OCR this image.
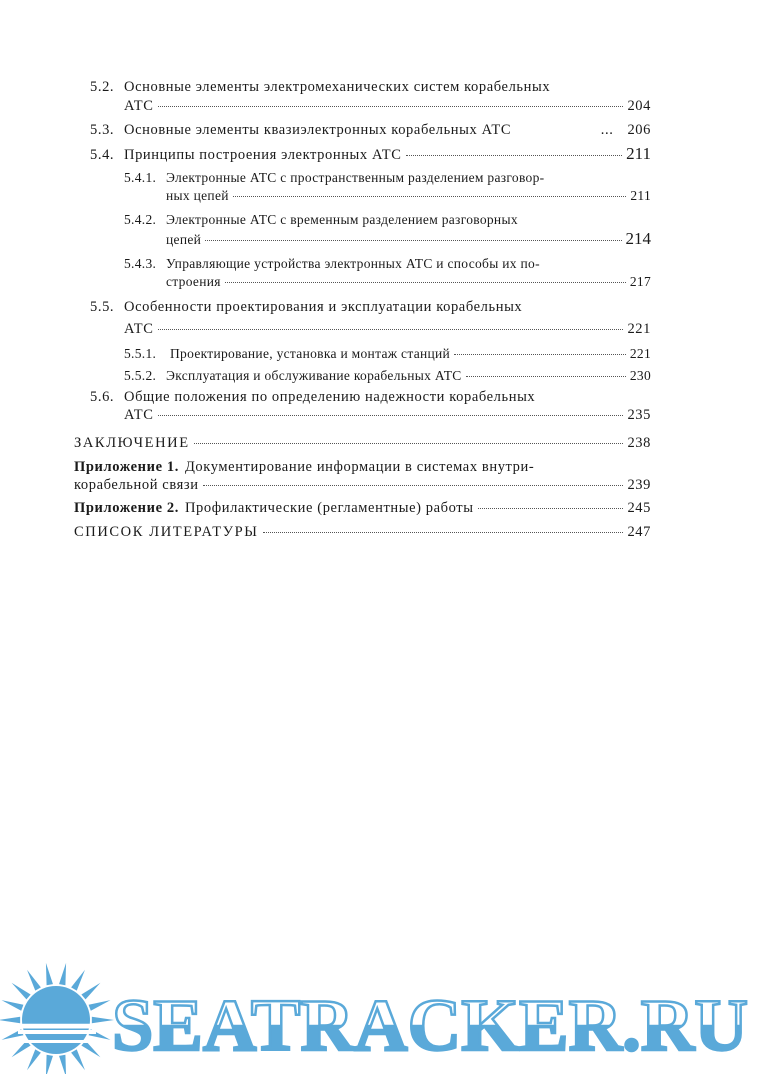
5.2. Основные элементы электромеханических систем корабельных
АТС	204
5.3. Основные элементы квазиэлектронных корабельных АТС	... 206
5.4. Принципы построения электронных АТС	211
5.4.1. Электронные АТС с пространственным разделением разговор-
ных цепей	211
5.4.2. Электронные АТС с временным разделением разговорных
цепей	214
5.4.3. Управляющие устройства электронных АТС и способы их по-
строения	217
5.5. Особенности проектирования и эксплуатации корабельных
АТС	221
5.5.1.	Проектирование, установка и монтаж станций	221
5.5.2. Эксплуатация и обслуживание корабельных АТС	230
5.6. Общие положения по определению надежности корабельных
АТС	235
ЗАКЛЮЧЕНИЕ	238
Приложение 1. Документирование информации в системах внутри-
корабельной связи	239
Приложение 2. Профилактические (регламентные) работы	245
СПИСОК ЛИТЕРАТУРЫ	247
SEATRACKER.RU
